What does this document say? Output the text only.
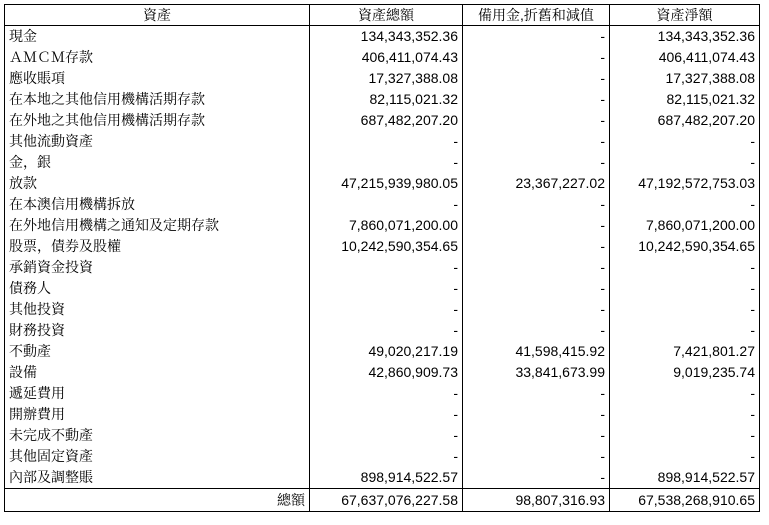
資產	資產總額	備用金,折舊和減值	資產淨額
現金	134,343,352.36	-	134,343,352.36
ＡＭＣＭ存款	406,411,074.43	-	406,411,074.43
應收賬項	17,327,388.08	-	17,327,388.08
在本地之其他信用機構活期存款	82,115,021.32	-	82,115,021.32
在外地之其他信用機構活期存款	687,482,207.20	-	687,482,207.20
其他流動資產	-	-	-
金，銀	-	-	-
放款	47,215,939,980.05	23,367,227.02	47,192,572,753.03
在本澳信用機構拆放	-	-	-
在外地信用機構之通知及定期存款	7,860,071,200.00	-	7,860,071,200.00
股票，債券及股權	10,242,590,354.65	-	10,242,590,354.65
承銷資金投資	-	-	-
債務人	-	-	-
其他投資	-	-	-
財務投資	-	-	-
不動產	49,020,217.19	41,598,415.92	7,421,801.27
設備	42,860,909.73	33,841,673.99	9,019,235.74
遞延費用	-	-	-
開辦費用	-	-	-
未完成不動產	-	-	-
其他固定資產	-	-	-
內部及調整賬	898,914,522.57	-	898,914,522.57
總額	67,637,076,227.58	98,807,316.93	67,538,268,910.65
